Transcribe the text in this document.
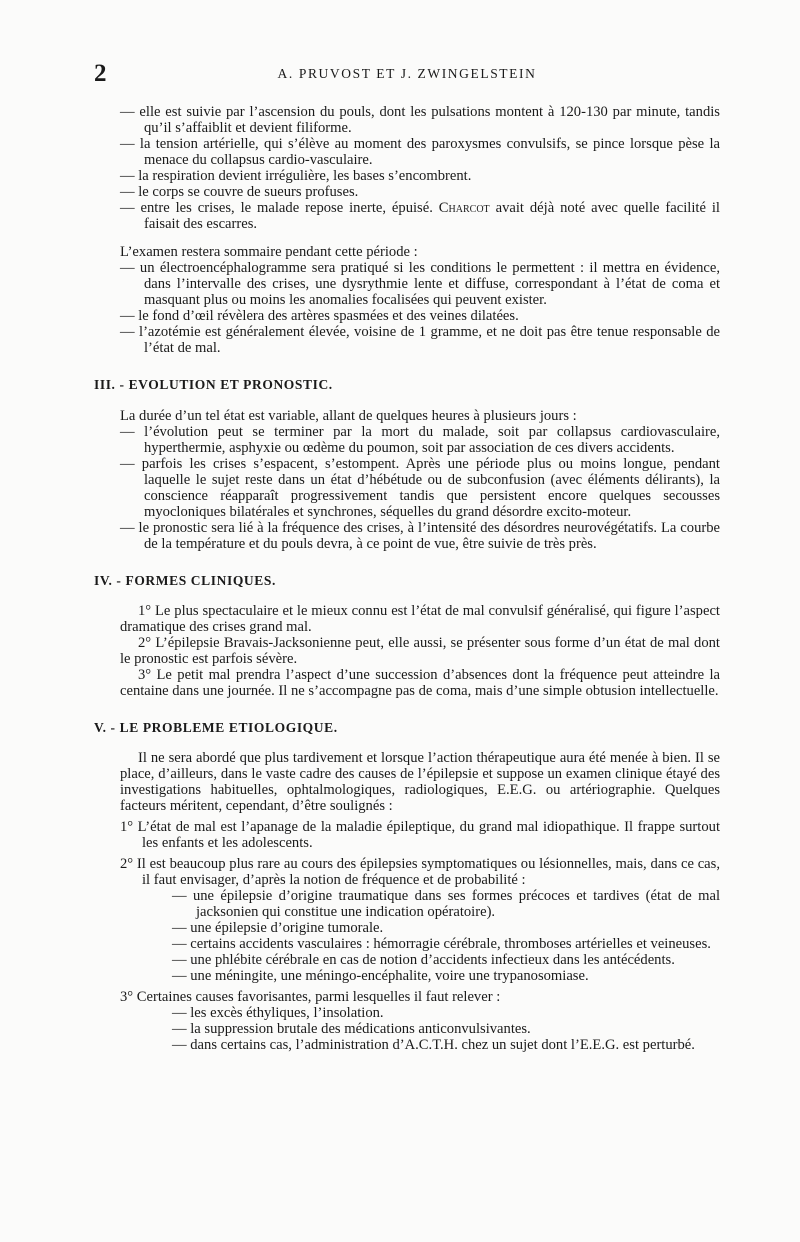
2	A. PRUVOST ET J. ZWINGELSTEIN

— elle est suivie par l’ascension du pouls, dont les pulsations montent à 120-130 par minute, tandis qu’il s’affaiblit et devient filiforme.

— la tension artérielle, qui s’élève au moment des paroxysmes convulsifs, se pince lorsque pèse la menace du collapsus cardio-vasculaire.

— la respiration devient irrégulière, les bases s’encombrent.

— le corps se couvre de sueurs profuses.

— entre les crises, le malade repose inerte, épuisé. Charcot avait déjà noté avec quelle facilité il faisait des escarres.

L’examen restera sommaire pendant cette période :

— un électroencéphalogramme sera pratiqué si les conditions le permettent : il mettra en évidence, dans l’intervalle des crises, une dysrythmie lente et diffuse, correspondant à l’état de coma et masquant plus ou moins les anomalies focalisées qui peuvent exister.

— le fond d’œil révèlera des artères spasmées et des veines dilatées.

— l’azotémie est généralement élevée, voisine de 1 gramme, et ne doit pas être tenue responsable de l’état de mal.

III. - EVOLUTION ET PRONOSTIC.

La durée d’un tel état est variable, allant de quelques heures à plusieurs jours :

— l’évolution peut se terminer par la mort du malade, soit par collapsus cardiovasculaire, hyperthermie, asphyxie ou œdème du poumon, soit par association de ces divers accidents.

— parfois les crises s’espacent, s’estompent. Après une période plus ou moins longue, pendant laquelle le sujet reste dans un état d’hébétude ou de subconfusion (avec éléments délirants), la conscience réapparaît progressivement tandis que persistent encore quelques secousses myocloniques bilatérales et synchrones, séquelles du grand désordre excito-moteur.

— le pronostic sera lié à la fréquence des crises, à l’intensité des désordres neurovégétatifs. La courbe de la température et du pouls devra, à ce point de vue, être suivie de très près.

IV. - FORMES CLINIQUES.

1° Le plus spectaculaire et le mieux connu est l’état de mal convulsif généralisé, qui figure l’aspect dramatique des crises grand mal.

2° L’épilepsie Bravais-Jacksonienne peut, elle aussi, se présenter sous forme d’un état de mal dont le pronostic est parfois sévère.

3° Le petit mal prendra l’aspect d’une succession d’absences dont la fréquence peut atteindre la centaine dans une journée. Il ne s’accompagne pas de coma, mais d’une simple obtusion intellectuelle.

V. - LE PROBLEME ETIOLOGIQUE.

Il ne sera abordé que plus tardivement et lorsque l’action thérapeutique aura été menée à bien. Il se place, d’ailleurs, dans le vaste cadre des causes de l’épilepsie et suppose un examen clinique étayé des investigations habituelles, ophtalmologiques, radiologiques, E.E.G. ou artériographie. Quelques facteurs méritent, cependant, d’être soulignés :

1° L’état de mal est l’apanage de la maladie épileptique, du grand mal idiopathique. Il frappe surtout les enfants et les adolescents.

2° Il est beaucoup plus rare au cours des épilepsies symptomatiques ou lésionnelles, mais, dans ce cas, il faut envisager, d’après la notion de fréquence et de probabilité :

— une épilepsie d’origine traumatique dans ses formes précoces et tardives (état de mal jacksonien qui constitue une indication opératoire).

— une épilepsie d’origine tumorale.

— certains accidents vasculaires : hémorragie cérébrale, thromboses artérielles et veineuses.

— une phlébite cérébrale en cas de notion d’accidents infectieux dans les antécédents.

— une méningite, une méningo-encéphalite, voire une trypanosomiase.

3° Certaines causes favorisantes, parmi lesquelles il faut relever :

— les excès éthyliques, l’insolation.

— la suppression brutale des médications anticonvulsivantes.

— dans certains cas, l’administration d’A.C.T.H. chez un sujet dont l’E.E.G. est perturbé.
